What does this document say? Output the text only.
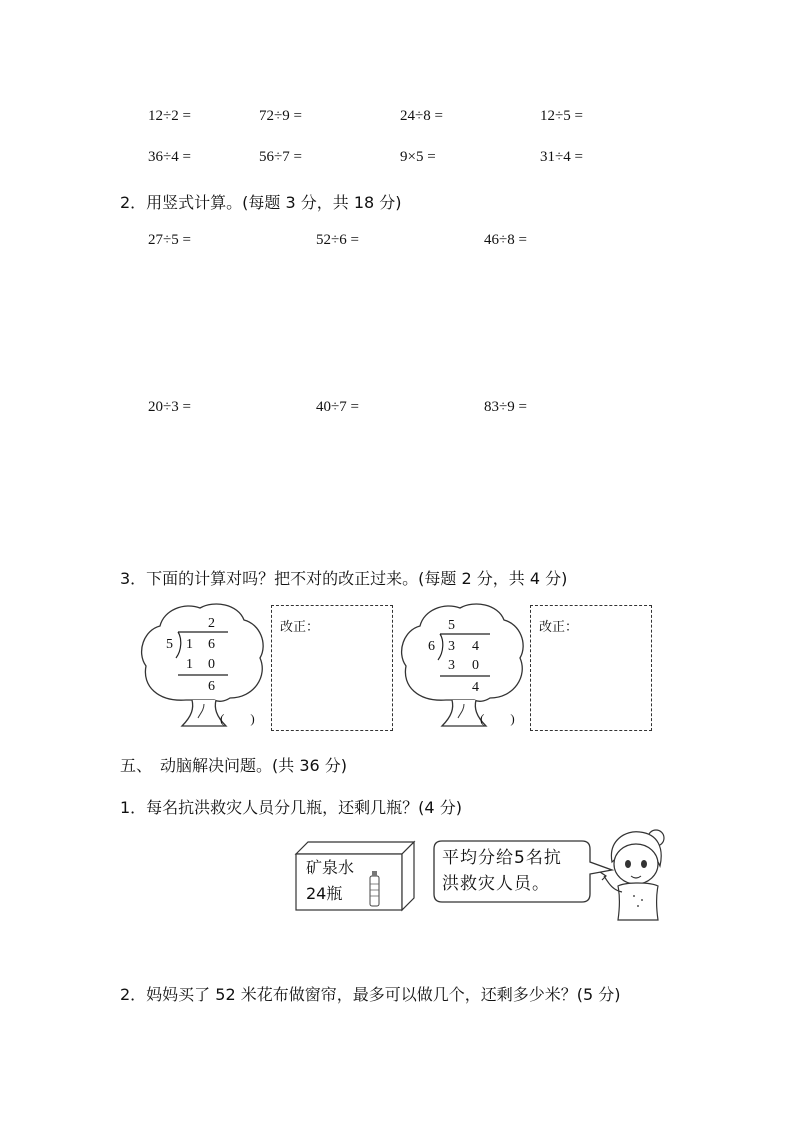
12÷2 =	72÷9 =	24÷8 =	12÷5 =
36÷4 =	56÷7 =	9×5 =	31÷4 =
2．用竖式计算。(每题 3 分，共 18 分)
27÷5 =	52÷6 =	46÷8 =
20÷3 =	40÷7 =	83÷9 =
3．下面的计算对吗？把不对的改正过来。(每题 2 分，共 4 分)
2
5 1 6
1 0
6
(　　)
改正：	5
6 3 4
3 0
4
(　　)
改正：
五、　动脑解决问题。(共 36 分)
1．每名抗洪救灾人员分几瓶，还剩几瓶？(4 分)
矿泉水
24瓶
平均分给5名抗
洪救灾人员。
2．妈妈买了 52 米花布做窗帘，最多可以做几个，还剩多少米？(5 分)
